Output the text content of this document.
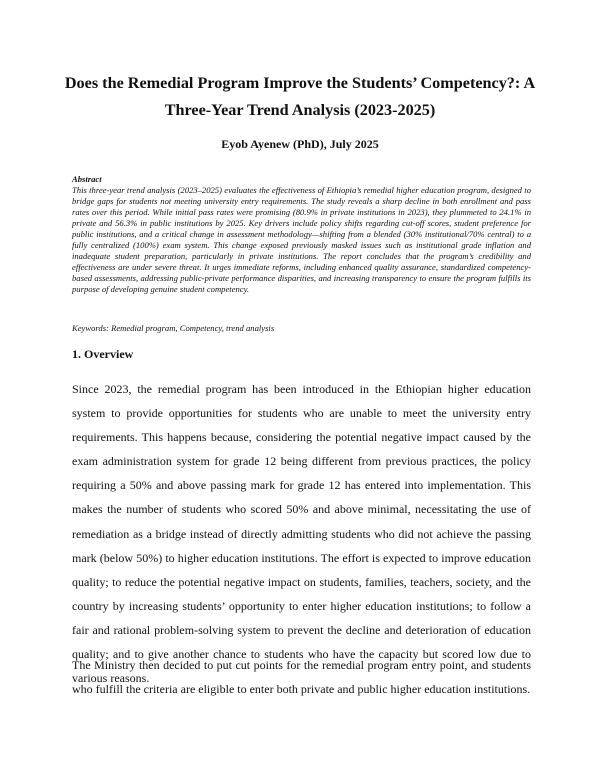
Does the Remedial Program Improve the Students’ Competency?: A Three-Year Trend Analysis (2023-2025)

Eyob Ayenew (PhD), July 2025

Abstract

This three-year trend analysis (2023–2025) evaluates the effectiveness of Ethiopia’s remedial higher education program, designed to bridge gaps for students not meeting university entry requirements. The study reveals a sharp decline in both enrollment and pass rates over this period. While initial pass rates were promising (80.9% in private institutions in 2023), they plummeted to 24.1% in private and 56.3% in public institutions by 2025. Key drivers include policy shifts regarding cut-off scores, student preference for public institutions, and a critical change in assessment methodology—shifting from a blended (30% institutional/70% central) to a fully centralized (100%) exam system. This change exposed previously masked issues such as institutional grade inflation and inadequate student preparation, particularly in private institutions. The report concludes that the program’s credibility and effectiveness are under severe threat. It urges immediate reforms, including enhanced quality assurance, standardized competency-based assessments, addressing public-private performance disparities, and increasing transparency to ensure the program fulfills its purpose of developing genuine student competency.

Keywords: Remedial program, Competency, trend analysis

1. Overview

Since 2023, the remedial program has been introduced in the Ethiopian higher education system to provide opportunities for students who are unable to meet the university entry requirements. This happens because, considering the potential negative impact caused by the exam administration system for grade 12 being different from previous practices, the policy requiring a 50% and above passing mark for grade 12 has entered into implementation. This makes the number of students who scored 50% and above minimal, necessitating the use of remediation as a bridge instead of directly admitting students who did not achieve the passing mark (below 50%) to higher education institutions. The effort is expected to improve education quality; to reduce the potential negative impact on students, families, teachers, society, and the country by increasing students’ opportunity to enter higher education institutions; to follow a fair and rational problem-solving system to prevent the decline and deterioration of education quality; and to give another chance to students who have the capacity but scored low due to various reasons.

The Ministry then decided to put cut points for the remedial program entry point, and students who fulfill the criteria are eligible to enter both private and public higher education institutions.
